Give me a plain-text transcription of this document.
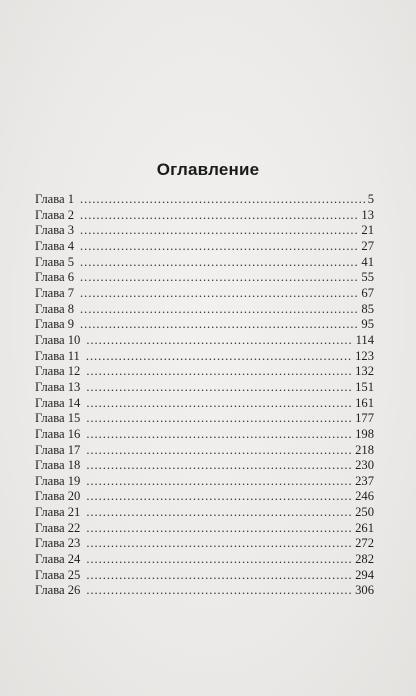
Оглавление
Глава 1 . . .	5
Глава 2 . . .	13
Глава 3 . . .	21
Глава 4 . . .	27
Глава 5 . . .	41
Глава 6 . . .	55
Глава 7 . . .	67
Глава 8 . . .	85
Глава 9 . . .	95
Глава 10 . . .	114
Глава 11 . . .	123
Глава 12 . . .	132
Глава 13 . . .	151
Глава 14 . . .	161
Глава 15 . . .	177
Глава 16 . . .	198
Глава 17 . . .	218
Глава 18 . . .	230
Глава 19 . . .	237
Глава 20 . . .	246
Глава 21 . . .	250
Глава 22 . . .	261
Глава 23 . . .	272
Глава 24 . . .	282
Глава 25 . . .	294
Глава 26 . . .	306
